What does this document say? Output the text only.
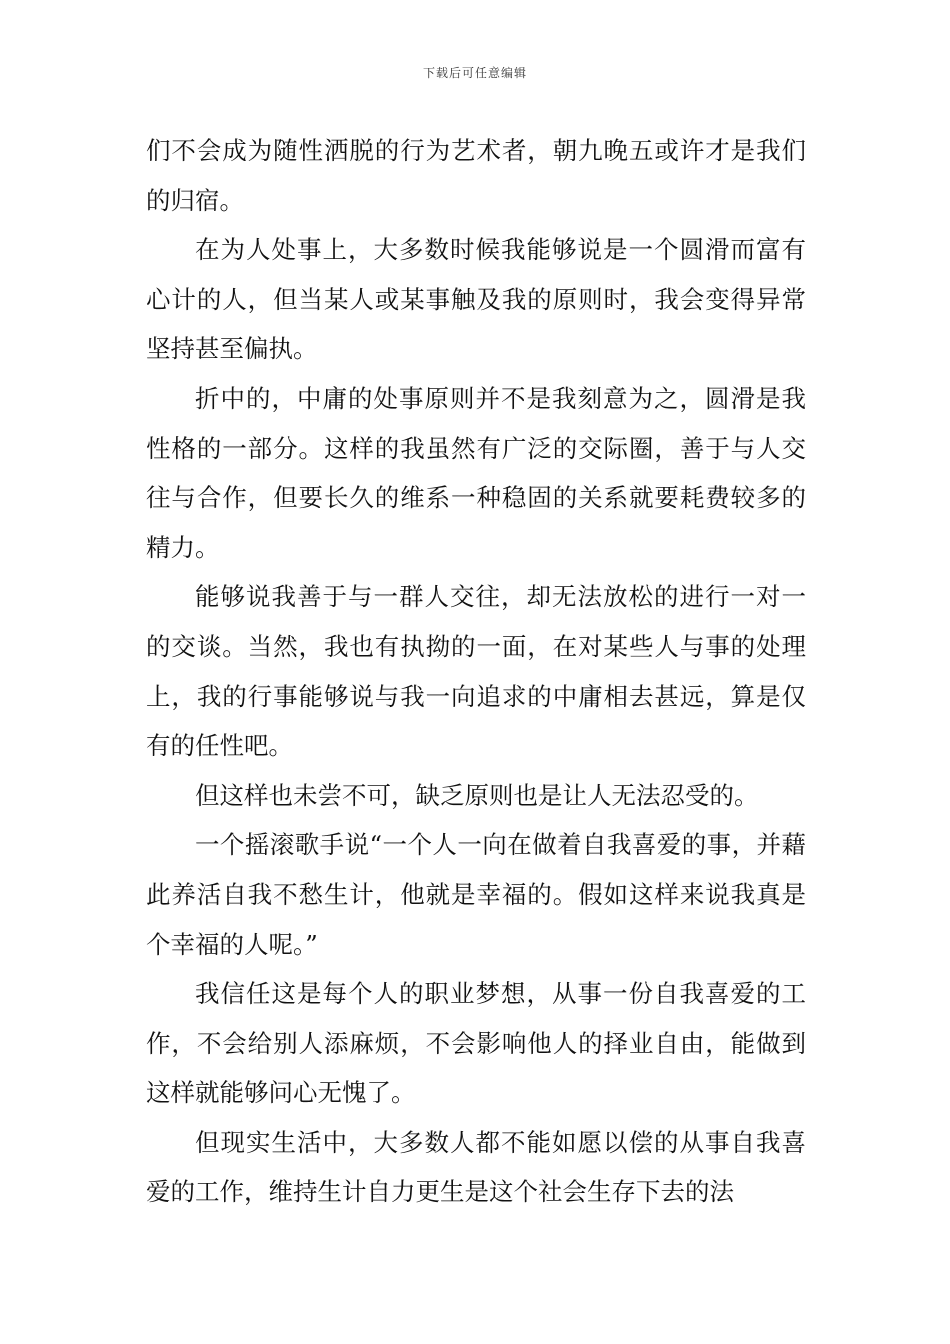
下载后可任意编辑

们不会成为随性洒脱的行为艺术者，朝九晚五或许才是我们的归宿。

在为人处事上，大多数时候我能够说是一个圆滑而富有心计的人，但当某人或某事触及我的原则时，我会变得异常坚持甚至偏执。

折中的，中庸的处事原则并不是我刻意为之，圆滑是我性格的一部分。这样的我虽然有广泛的交际圈，善于与人交往与合作，但要长久的维系一种稳固的关系就要耗费较多的精力。

能够说我善于与一群人交往，却无法放松的进行一对一的交谈。当然，我也有执拗的一面，在对某些人与事的处理上，我的行事能够说与我一向追求的中庸相去甚远，算是仅有的任性吧。

但这样也未尝不可，缺乏原则也是让人无法忍受的。

一个摇滚歌手说“一个人一向在做着自我喜爱的事，并藉此养活自我不愁生计，他就是幸福的。假如这样来说我真是个幸福的人呢。”

我信任这是每个人的职业梦想，从事一份自我喜爱的工作，不会给别人添麻烦，不会影响他人的择业自由，能做到这样就能够问心无愧了。

但现实生活中，大多数人都不能如愿以偿的从事自我喜爱的工作，维持生计自力更生是这个社会生存下去的法
